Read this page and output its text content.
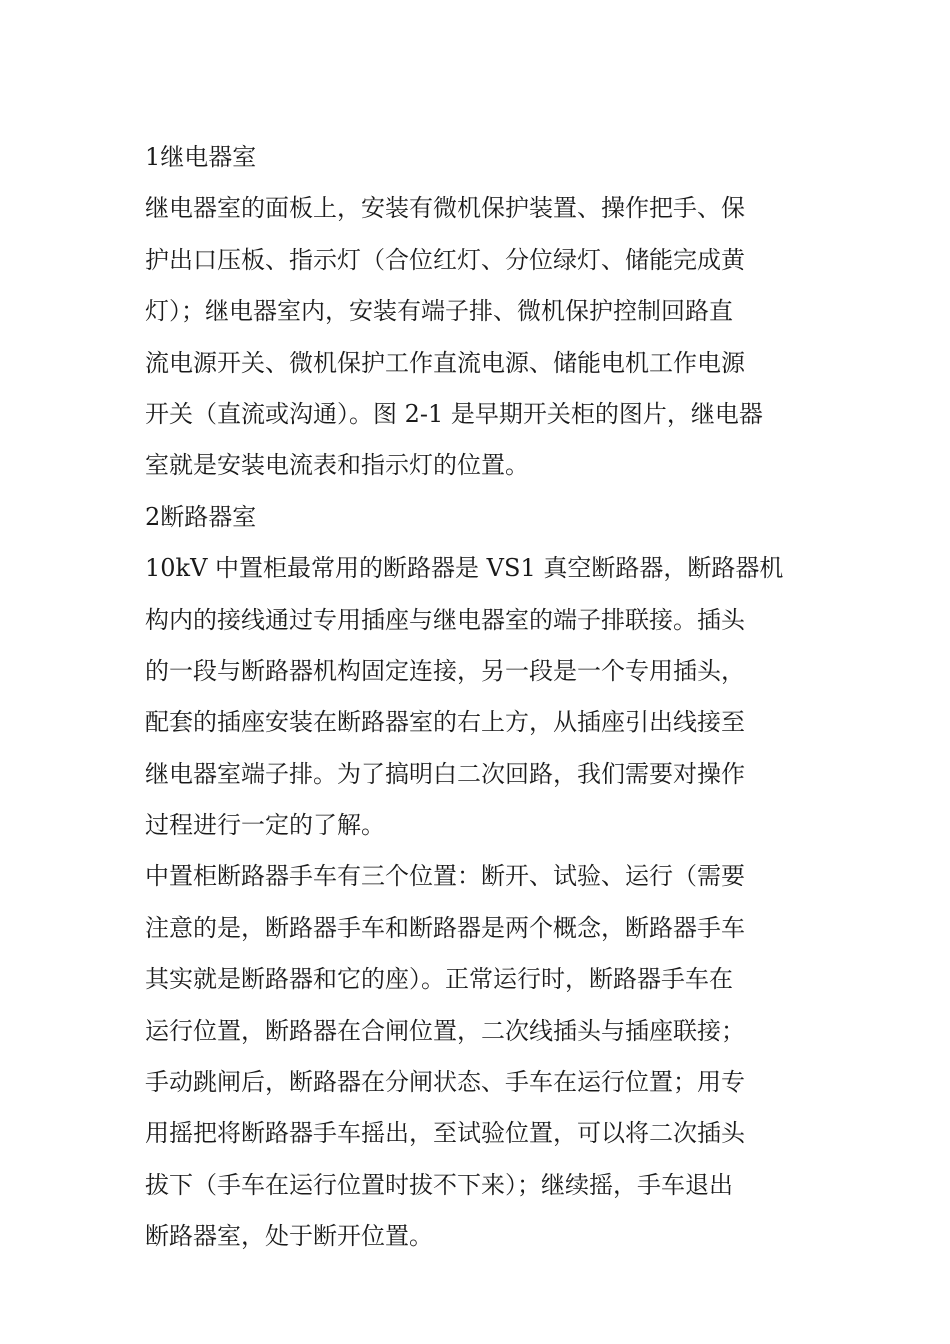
1继电器室
继电器室的面板上，安装有微机保护装置、操作把手、保
护出口压板、指示灯（合位红灯、分位绿灯、储能完成黄
灯）；继电器室内，安装有端子排、微机保护控制回路直
流电源开关、微机保护工作直流电源、储能电机工作电源
开关（直流或沟通）。图 2-1 是早期开关柜的图片，继电器
室就是安装电流表和指示灯的位置。
2断路器室
10kV 中置柜最常用的断路器是 VS1 真空断路器，断路器机
构内的接线通过专用插座与继电器室的端子排联接。插头
的一段与断路器机构固定连接，另一段是一个专用插头，
配套的插座安装在断路器室的右上方，从插座引出线接至
继电器室端子排。为了搞明白二次回路，我们需要对操作
过程进行一定的了解。
中置柜断路器手车有三个位置：断开、试验、运行（需要
注意的是，断路器手车和断路器是两个概念，断路器手车
其实就是断路器和它的座）。正常运行时，断路器手车在
运行位置，断路器在合闸位置，二次线插头与插座联接；
手动跳闸后，断路器在分闸状态、手车在运行位置；用专
用摇把将断路器手车摇出，至试验位置，可以将二次插头
拔下（手车在运行位置时拔不下来）；继续摇，手车退出
断路器室，处于断开位置。
